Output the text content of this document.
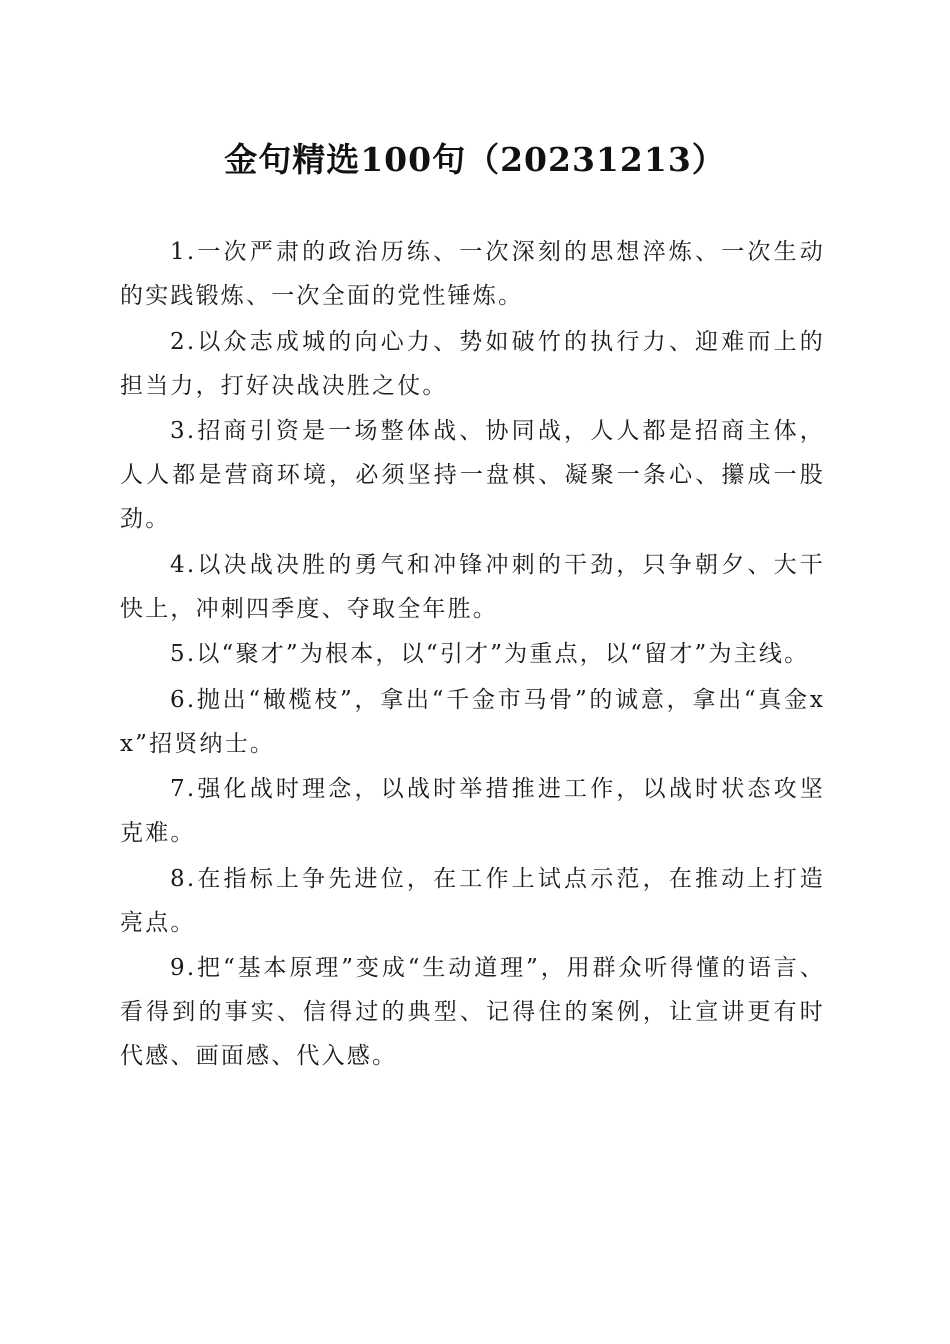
金句精选100句（20231213）

1.一次严肃的政治历练、一次深刻的思想淬炼、一次生动的实践锻炼、一次全面的党性锤炼。

2.以众志成城的向心力、势如破竹的执行力、迎难而上的担当力，打好决战决胜之仗。

3.招商引资是一场整体战、协同战，人人都是招商主体，人人都是营商环境，必须坚持一盘棋、凝聚一条心、攥成一股劲。

4.以决战决胜的勇气和冲锋冲刺的干劲，只争朝夕、大干快上，冲刺四季度、夺取全年胜。

5.以“聚才”为根本，以“引才”为重点，以“留才”为主线。

6.抛出“橄榄枝”，拿出“千金市马骨”的诚意，拿出“真金xx”招贤纳士。

7.强化战时理念，以战时举措推进工作，以战时状态攻坚克难。

8.在指标上争先进位，在工作上试点示范，在推动上打造亮点。

9.把“基本原理”变成“生动道理”，用群众听得懂的语言、看得到的事实、信得过的典型、记得住的案例，让宣讲更有时代感、画面感、代入感。
